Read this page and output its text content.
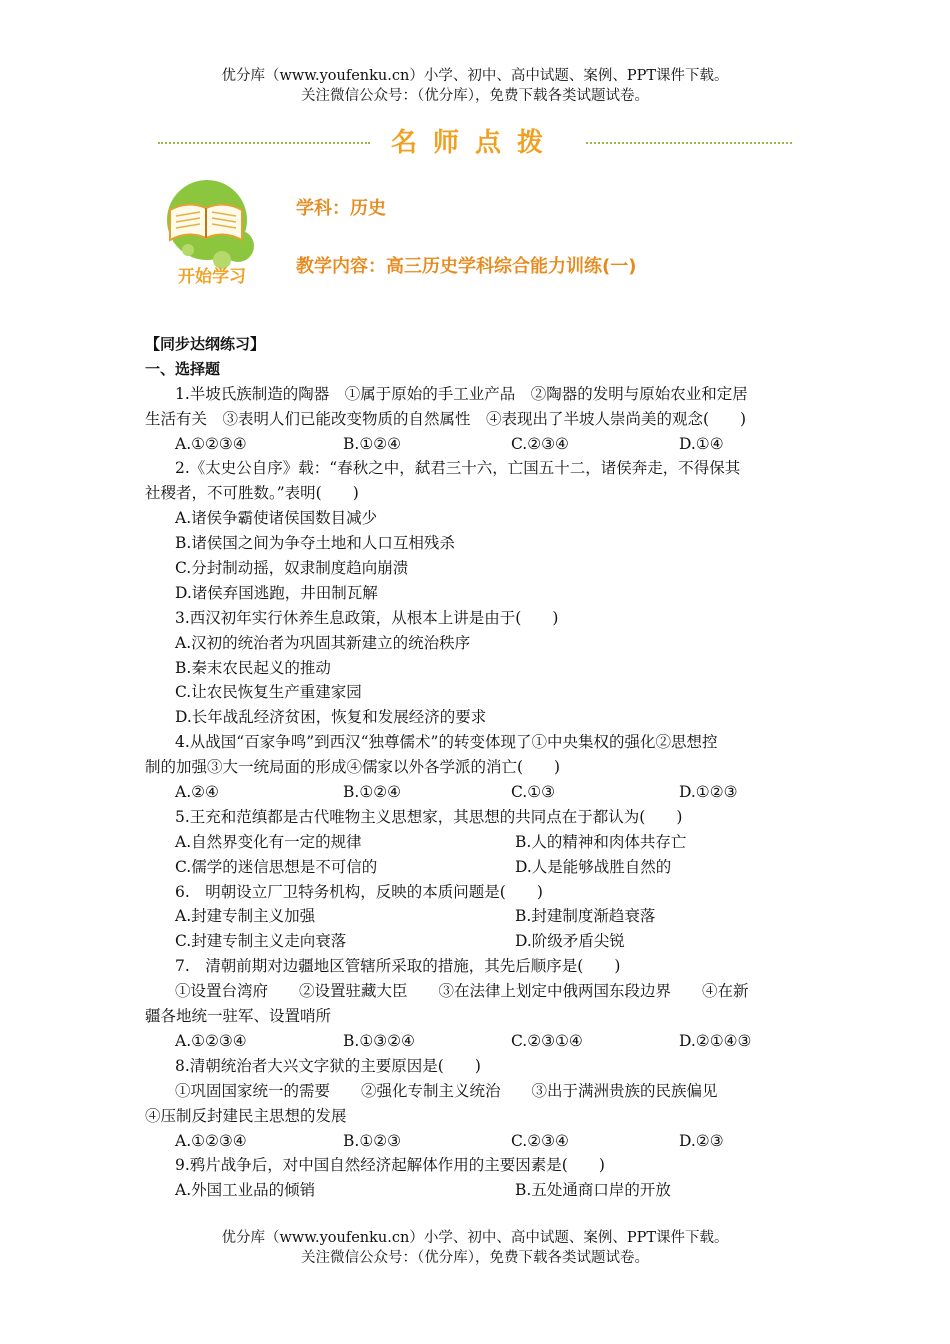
优分库（www.youfenku.cn）小学、初中、高中试题、案例、PPT课件下载。
关注微信公众号：（优分库），免费下载各类试题试卷。
名师点拨
开始学习
学科：历史
教学内容：高三历史学科综合能力训练(一)
【同步达纲练习】
一、选择题
1.半坡氏族制造的陶器　①属于原始的手工业产品　②陶器的发明与原始农业和定居
生活有关　③表明人们已能改变物质的自然属性　④表现出了半坡人崇尚美的观念(　　)
A.①②③④	B.①②④	C.②③④	D.①④
2.《太史公自序》载：“春秋之中，弑君三十六，亡国五十二，诸侯奔走，不得保其
社稷者，不可胜数。”表明(　　)
A.诸侯争霸使诸侯国数目减少
B.诸侯国之间为争夺土地和人口互相残杀
C.分封制动摇，奴隶制度趋向崩溃
D.诸侯弃国逃跑，井田制瓦解
3.西汉初年实行休养生息政策，从根本上讲是由于(　　)
A.汉初的统治者为巩固其新建立的统治秩序
B.秦末农民起义的推动
C.让农民恢复生产重建家园
D.长年战乱经济贫困，恢复和发展经济的要求
4.从战国“百家争鸣”到西汉“独尊儒术”的转变体现了①中央集权的强化②思想控
制的加强③大一统局面的形成④儒家以外各学派的消亡(　　)
A.②④	B.①②④	C.①③	D.①②③
5.王充和范缜都是古代唯物主义思想家，其思想的共同点在于都认为(　　)
A.自然界变化有一定的规律	B.人的精神和肉体共存亡
C.儒学的迷信思想是不可信的	D.人是能够战胜自然的
6.　明朝设立厂卫特务机构，反映的本质问题是(　　)
A.封建专制主义加强	B.封建制度渐趋衰落
C.封建专制主义走向衰落	D.阶级矛盾尖锐
7.　清朝前期对边疆地区管辖所采取的措施，其先后顺序是(　　)
①设置台湾府　　②设置驻藏大臣　　③在法律上划定中俄两国东段边界　　④在新
疆各地统一驻军、设置哨所
A.①②③④	B.①③②④	C.②③①④	D.②①④③
8.清朝统治者大兴文字狱的主要原因是(　　)
①巩固国家统一的需要　　②强化专制主义统治　　③出于满洲贵族的民族偏见
④压制反封建民主思想的发展
A.①②③④	B.①②③	C.②③④	D.②③
9.鸦片战争后，对中国自然经济起解体作用的主要因素是(　　)
A.外国工业品的倾销	B.五处通商口岸的开放
优分库（www.youfenku.cn）小学、初中、高中试题、案例、PPT课件下载。
关注微信公众号：（优分库），免费下载各类试题试卷。
